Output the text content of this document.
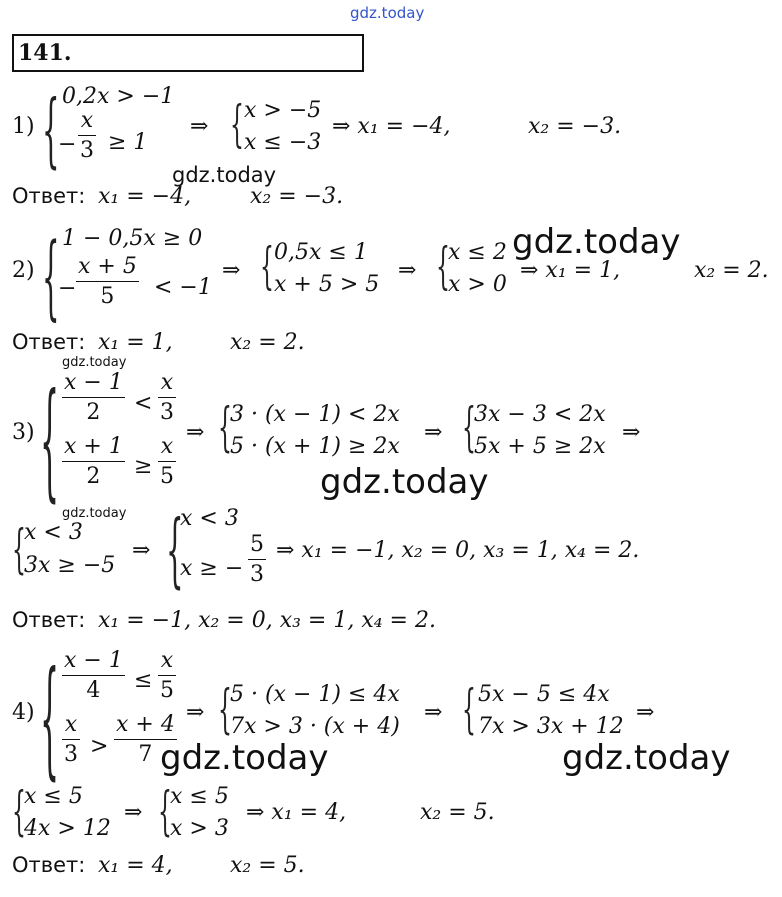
gdz.today
141.
1) { 0,2x > −1
−
x
3 ≥ 1
⇒ { x > −5
x ≤ −3
⇒ x₁ = −4,	x₂ = −3.
gdz.today
Ответ: x₁ = −4,	x₂ = −3.
2) { 1 − 0,5x ≥ 0
−
x + 5
5	< −1
⇒ { 0,5x ≤ 1
x + 5 > 5
⇒ {
x ≤ 2
x > 0
⇒ x₁ = 1,	x₂ = 2.
gdz.today
Ответ: x₁ = 1,	x₂ = 2.
gdz.today
3) { x − 1
2	<
x
3
x + 1
2	≥
x
5
⇒ {
3 · (x − 1) < 2x
5 · (x + 1) ≥ 2x
⇒ {
3x − 3 < 2x
5x + 5 ≥ 2x
⇒
gdz.today
gdz.today
{
x < 3
3x ≥ −5
⇒ {
x < 3
x ≥ −
5
3
⇒ x₁ = −1, x₂ = 0, x₃ = 1, x₄ = 2.
Ответ: x₁ = −1, x₂ = 0, x₃ = 1, x₄ = 2.
4) { x − 1
4	≤
x
5
x
3 >
x + 4
7
⇒ {
5 · (x − 1) ≤ 4x
7x > 3 · (x + 4)
⇒ { 5x − 5 ≤ 4x
7x > 3x + 12
⇒
gdz.today	gdz.today
{
x ≤ 5
4x > 12
⇒ {
x ≤ 5
x > 3
⇒ x₁ = 4,	x₂ = 5.
Ответ: x₁ = 4,	x₂ = 5.
